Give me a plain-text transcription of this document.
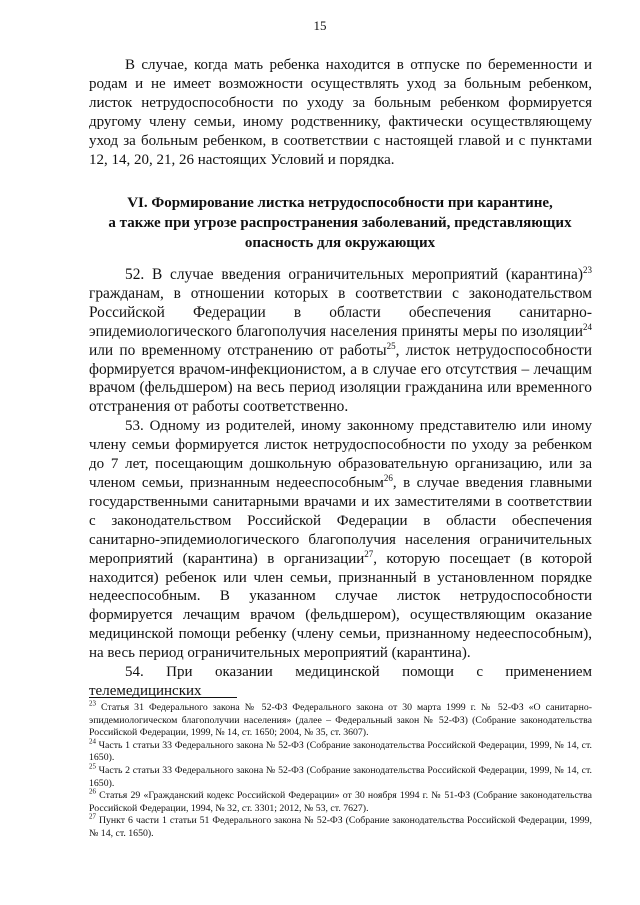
15

В случае, когда мать ребенка находится в отпуске по беременности и родам и не имеет возможности осуществлять уход за больным ребенком, листок нетрудоспособности по уходу за больным ребенком формируется другому члену семьи, иному родственнику, фактически осуществляющему уход за больным ребенком, в соответствии с настоящей главой и с пунктами 12, 14, 20, 21, 26 настоящих Условий и порядка.

VI. Формирование листка нетрудоспособности при карантине,
а также при угрозе распространения заболеваний, представляющих
опасность для окружающих

52. В случае введения ограничительных мероприятий (карантина)$^{23}$ гражданам, в отношении которых в соответствии с законодательством Российской Федерации в области обеспечения санитарно-эпидемиологического благополучия населения приняты меры по изоляции$^{24}$ или по временному отстранению от работы$^{25}$, листок нетрудоспособности формируется врачом-инфекционистом, а в случае его отсутствия – лечащим врачом (фельдшером) на весь период изоляции гражданина или временного отстранения от работы соответственно.

53. Одному из родителей, иному законному представителю или иному члену семьи формируется листок нетрудоспособности по уходу за ребенком до 7 лет, посещающим дошкольную образовательную организацию, или за членом семьи, признанным недееспособным$^{26}$, в случае введения главными государственными санитарными врачами и их заместителями в соответствии с законодательством Российской Федерации в области обеспечения санитарно-эпидемиологического благополучия населения ограничительных мероприятий (карантина) в организации$^{27}$, которую посещает (в которой находится) ребенок или член семьи, признанный в установленном порядке недееспособным. В указанном случае листок нетрудоспособности формируется лечащим врачом (фельдшером), осуществляющим оказание медицинской помощи ребенку (члену семьи, признанному недееспособным), на весь период ограничительных мероприятий (карантина).

54. При оказании медицинской помощи с применением телемедицинских

$^{23}$ Статья 31 Федерального закона № 52-ФЗ Федерального закона от 30 марта 1999 г. № 52-ФЗ «О санитарно-эпидемиологическом благополучии населения» (далее – Федеральный закон № 52-ФЗ) (Собрание законодательства Российской Федерации, 1999, № 14, ст. 1650; 2004, № 35, ст. 3607).

$^{24}$ Часть 1 статьи 33 Федерального закона № 52-ФЗ (Собрание законодательства Российской Федерации, 1999, № 14, ст. 1650).

$^{25}$ Часть 2 статьи 33 Федерального закона № 52-ФЗ (Собрание законодательства Российской Федерации, 1999, № 14, ст. 1650).

$^{26}$ Статья 29 «Гражданский кодекс Российской Федерации» от 30 ноября 1994 г. № 51-ФЗ (Собрание законодательства Российской Федерации, 1994, № 32, ст. 3301; 2012, № 53, ст. 7627).

$^{27}$ Пункт 6 части 1 статьи 51 Федерального закона № 52-ФЗ (Собрание законодательства Российской Федерации, 1999, № 14, ст. 1650).
